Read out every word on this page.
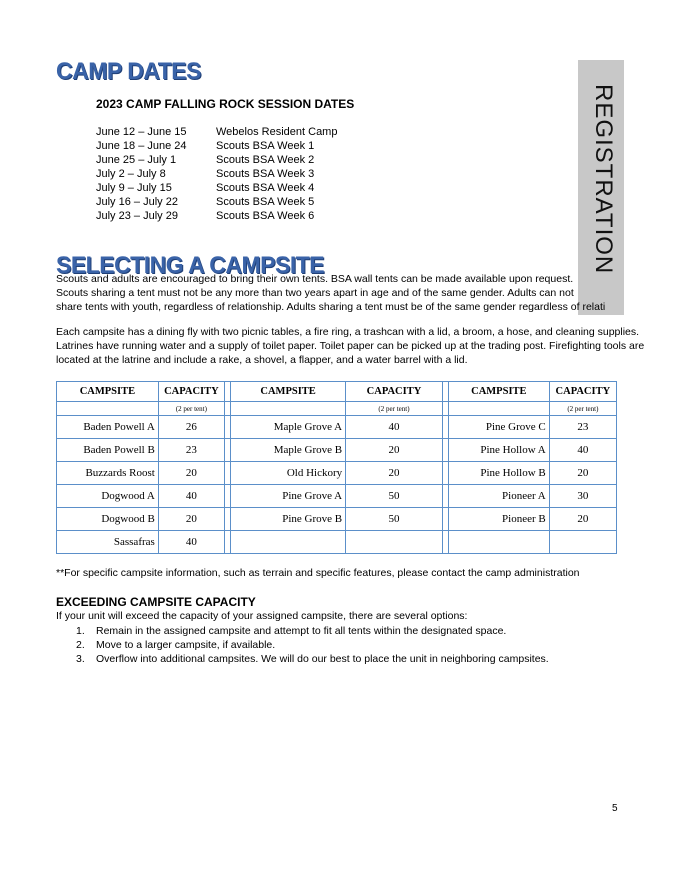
CAMP DATES
REGISTRATION
2023 CAMP FALLING ROCK SESSION DATES
June 12 – June 15	Webelos Resident Camp
June 18 – June 24	Scouts BSA Week 1
June 25 – July 1	Scouts BSA Week 2
July 2 – July 8	Scouts BSA Week 3
July 9 – July 15	Scouts BSA Week 4
July 16 – July 22	Scouts BSA Week 5
July 23 – July 29	Scouts BSA Week 6
SELECTING A CAMPSITE
Scouts and adults are encouraged to bring their own tents. BSA wall tents can be made available upon request.
Scouts sharing a tent must not be any more than two years apart in age and of the same gender. Adults can not
share tents with youth, regardless of relationship. Adults sharing a tent must be of the same gender regardless of relati
Each campsite has a dining fly with two picnic tables, a fire ring, a trashcan with a lid, a broom, a hose, and cleaning supplies.
Latrines have running water and a supply of toilet paper. Toilet paper can be picked up at the trading post. Firefighting tools are
located at the latrine and include a rake, a shovel, a flapper, and a water barrel with a lid.
CAMPSITE	CAPACITY		CAMPSITE	CAPACITY		CAMPSITE	CAPACITY
	(2 per tent)			(2 per tent)			(2 per tent)
Baden Powell A	26		Maple Grove A	40		Pine Grove C	23
Baden Powell B	23		Maple Grove B	20		Pine Hollow A	40
Buzzards Roost	20		Old Hickory	20		Pine Hollow B	20
Dogwood A	40		Pine Grove A	50		Pioneer A	30
Dogwood B	20		Pine Grove B	50		Pioneer B	20
Sassafras	40						
**For specific campsite information, such as terrain and specific features, please contact the camp administration
EXCEEDING CAMPSITE CAPACITY
If your unit will exceed the capacity of your assigned campsite, there are several options:
1.	Remain in the assigned campsite and attempt to fit all tents within the designated space.
2.	Move to a larger campsite, if available.
3.	Overflow into additional campsites. We will do our best to place the unit in neighboring campsites.
5
